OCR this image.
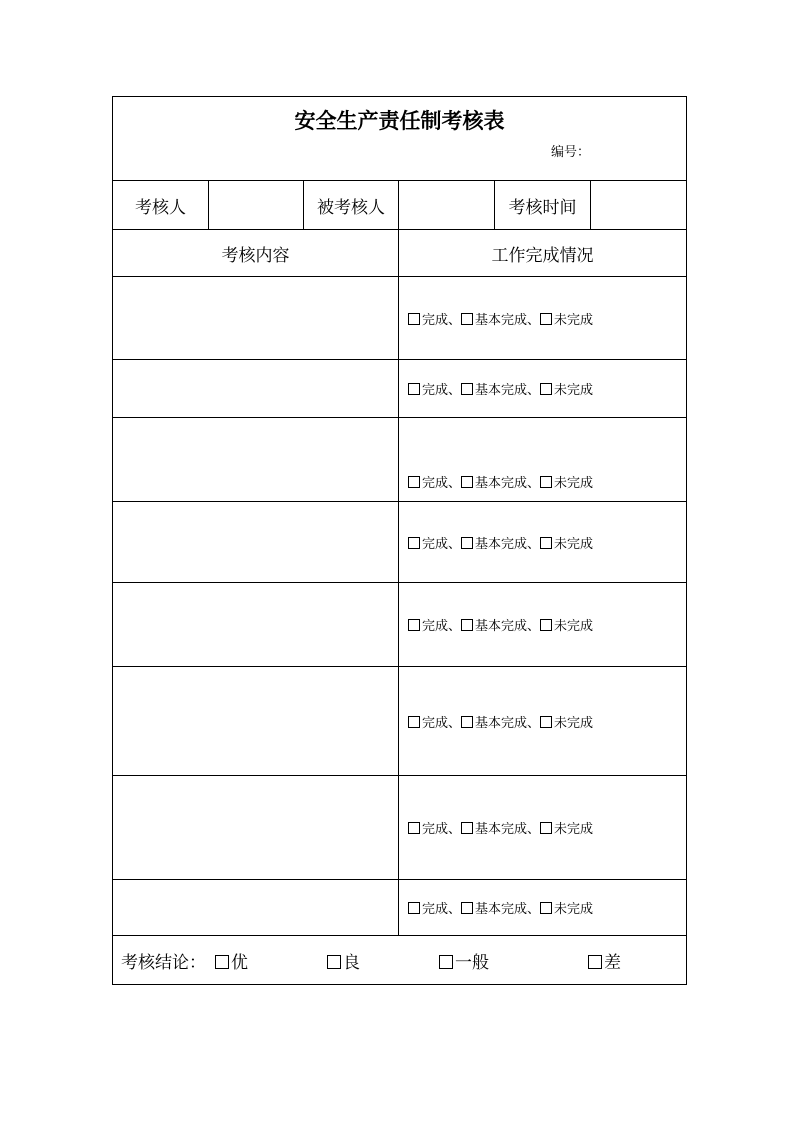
安全生产责任制考核表
编号：					

考核人		被考核人		考核时间	
考核内容			工作完成情况		
			完成、 基本完成、 未完成		
			完成、 基本完成、 未完成		
			完成、 基本完成、 未完成		
			完成、 基本完成、 未完成		
			完成、 基本完成、 未完成		
			完成、 基本完成、 未完成		
			完成、 基本完成、 未完成		
			完成、 基本完成、 未完成		

考核结论： 优 良 一般 差					
